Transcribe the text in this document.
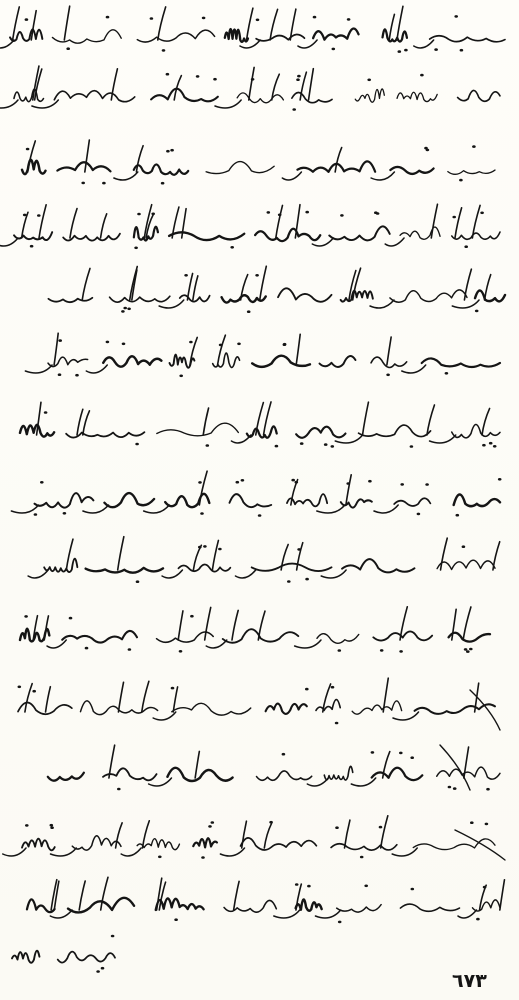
٦٧٣
